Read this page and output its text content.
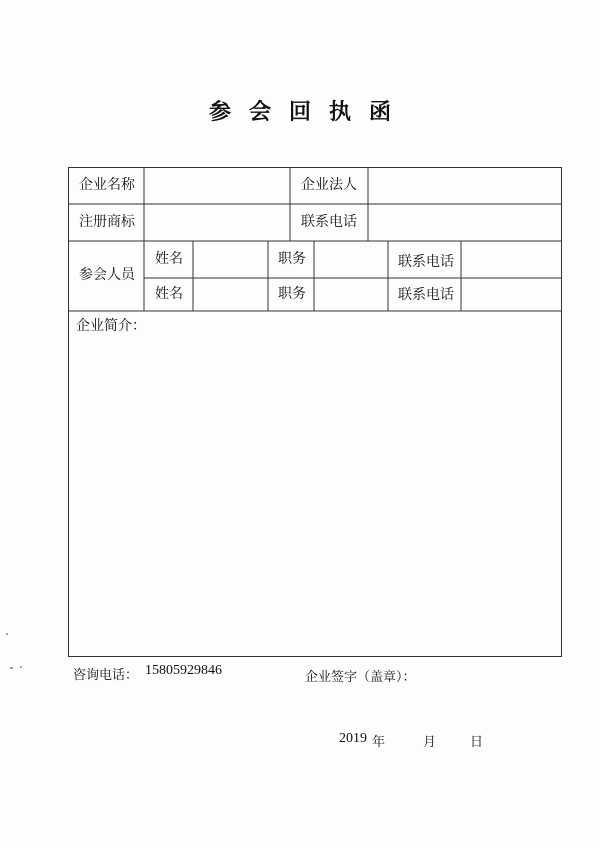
参 会 回 执 函
企业名称	企业法人
注册商标	联系电话
参会人员
姓名	职务	联系电话
姓名	职务	联系电话
企业简介：
咨询电话： 15805929846	企业签字（盖章）：
2019 年	月	日
